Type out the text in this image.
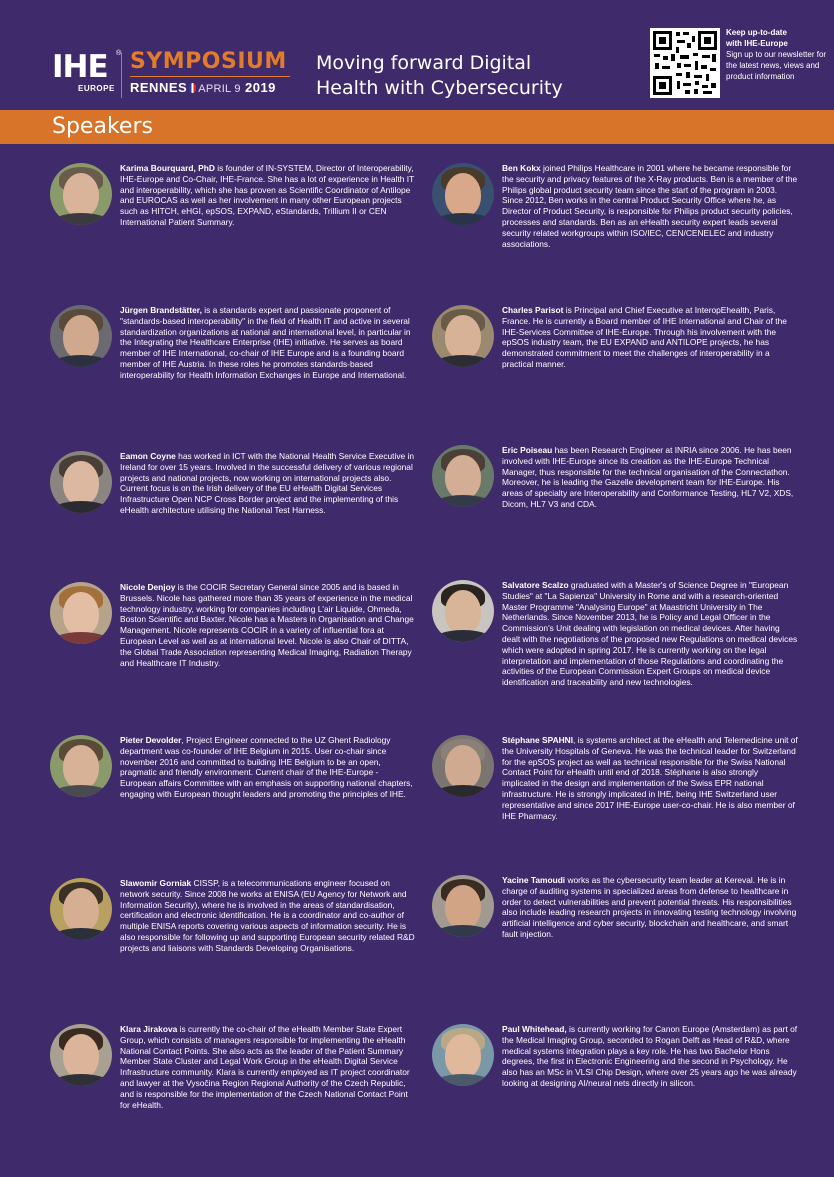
IHE ®
EUROPE
SYMPOSIUM
RENNES APRIL 9 2019
Moving forward Digital
Health with Cybersecurity
Keep up-to-date
with IHE-Europe
Sign up to our newsletter for the latest news, views and product information
Speakers
Karima Bourquard, PhD is founder of IN-SYSTEM, Director of Interoperability, IHE-Europe and Co-Chair, IHE-France. She has a lot of experience in Health IT and interoperability, which she has proven as Scientific Coordinator of Antilope and EUROCAS as well as her involvement in many other European projects such as HITCH, eHGI, epSOS, EXPAND, eStandards, Trillium II or CEN International Patient Summary.
Jürgen Brandstätter, is a standards expert and passionate proponent of "standards-based interoperability" in the field of Health IT and active in several standardization organizations at national and international level, in particular in the Integrating the Healthcare Enterprise (IHE) initiative. He serves as board member of IHE International, co-chair of IHE Europe and is a founding board member of IHE Austria. In these roles he promotes standards-based interoperability for Health Information Exchanges in Europe and International.
Eamon Coyne has worked in ICT with the National Health Service Executive in Ireland for over 15 years. Involved in the successful delivery of various regional projects and national projects, now working on international projects also. Current focus is on the Irish delivery of the EU eHealth Digital Services Infrastructure Open NCP Cross Border project and the implementing of this eHealth architecture utilising the National Test Harness.
Nicole Denjoy is the COCIR Secretary General since 2005 and is based in Brussels. Nicole has gathered more than 35 years of experience in the medical technology industry, working for companies including L'air Liquide, Ohmeda, Boston Scientific and Baxter. Nicole has a Masters in Organisation and Change Management. Nicole represents COCIR in a variety of influential fora at European Level as well as at international level. Nicole is also Chair of DITTA, the Global Trade Association representing Medical Imaging, Radiation Therapy and Healthcare IT Industry.
Pieter Devolder, Project Engineer connected to the UZ Ghent Radiology department was co-founder of IHE Belgium in 2015. User co-chair since november 2016 and committed to building IHE Belgium to be an open, pragmatic and friendly environment. Current chair of the IHE-Europe - European affairs Committee with an emphasis on supporting national chapters, engaging with European thought leaders and promoting the principles of IHE.
Slawomir Gorniak CISSP, is a telecommunications engineer focused on network security. Since 2008 he works at ENISA (EU Agency for Network and Information Security), where he is involved in the areas of standardisation, certification and electronic identification. He is a coordinator and co-author of multiple ENISA reports covering various aspects of information security. He is also responsible for following up and supporting European security related R&D projects and liaisons with Standards Developing Organisations.
Klara Jirakova is currently the co-chair of the eHealth Member State Expert Group, which consists of managers responsible for implementing the eHealth National Contact Points. She also acts as the leader of the Patient Summary Member State Cluster and Legal Work Group in the eHealth Digital Service Infrastructure community. Klara is currently employed as IT project coordinator and lawyer at the Vysočina Region Regional Authority of the Czech Republic, and is responsible for the implementation of the Czech National Contact Point for eHealth.
Ben Kokx joined Philips Healthcare in 2001 where he became responsible for the security and privacy features of the X-Ray products. Ben is a member of the Philips global product security team since the start of the program in 2003. Since 2012, Ben works in the central Product Security Office where he, as Director of Product Security, is responsible for Philips product security policies, processes and standards. Ben as an eHealth security expert leads several security related workgroups within ISO/IEC, CEN/CENELEC and industry associations.
Charles Parisot is Principal and Chief Executive at InteropEhealth, Paris, France. He is currently a Board member of IHE International and Chair of the IHE-Services Committee of IHE-Europe. Through his involvement with the epSOS industry team, the EU EXPAND and ANTILOPE projects, he has demonstrated commitment to meet the challenges of interoperability in a practical manner.
Eric Poiseau has been Research Engineer at INRIA since 2006. He has been involved with IHE-Europe since its creation as the IHE-Europe Technical Manager, thus responsible for the technical organisation of the Connectathon. Moreover, he is leading the Gazelle development team for IHE-Europe. His areas of specialty are Interoperability and Conformance Testing, HL7 V2, XDS, Dicom, HL7 V3 and CDA.
Salvatore Scalzo graduated with a Master's of Science Degree in "European Studies" at "La Sapienza" University in Rome and with a research-oriented Master Programme "Analysing Europe" at Maastricht University in The Netherlands. Since November 2013, he is Policy and Legal Officer in the Commission's Unit dealing with legislation on medical devices. After having dealt with the negotiations of the proposed new Regulations on medical devices which were adopted in spring 2017. He is currently working on the legal interpretation and implementation of those Regulations and coordinating the activities of the European Commission Expert Groups on medical device identification and traceability and new technologies.
Stéphane SPAHNI, is systems architect at the eHealth and Telemedicine unit of the University Hospitals of Geneva. He was the technical leader for Switzerland for the epSOS project as well as technical responsible for the Swiss National Contact Point for eHealth until end of 2018. Stéphane is also strongly implicated in the design and implementation of the Swiss EPR national infrastructure. He is strongly implicated in IHE, being IHE Switzerland user representative and since 2017 IHE-Europe user-co-chair. He is also member of IHE Pharmacy.
Yacine Tamoudi works as the cybersecurity team leader at Kereval. He is in charge of auditing systems in specialized areas from defense to healthcare in order to detect vulnerabilities and prevent potential threats. His responsibilities also include leading research projects in innovating testing technology involving artificial intelligence and cyber security, blockchain and healthcare, and smart fault injection.
Paul Whitehead, is currently working for Canon Europe (Amsterdam) as part of the Medical Imaging Group, seconded to Rogan Delft as Head of R&D, where medical systems integration plays a key role. He has two Bachelor Hons degrees, the first in Electronic Engineering and the second in Psychology. He also has an MSc in VLSI Chip Design, where over 25 years ago he was already looking at designing AI/neural nets directly in silicon.
